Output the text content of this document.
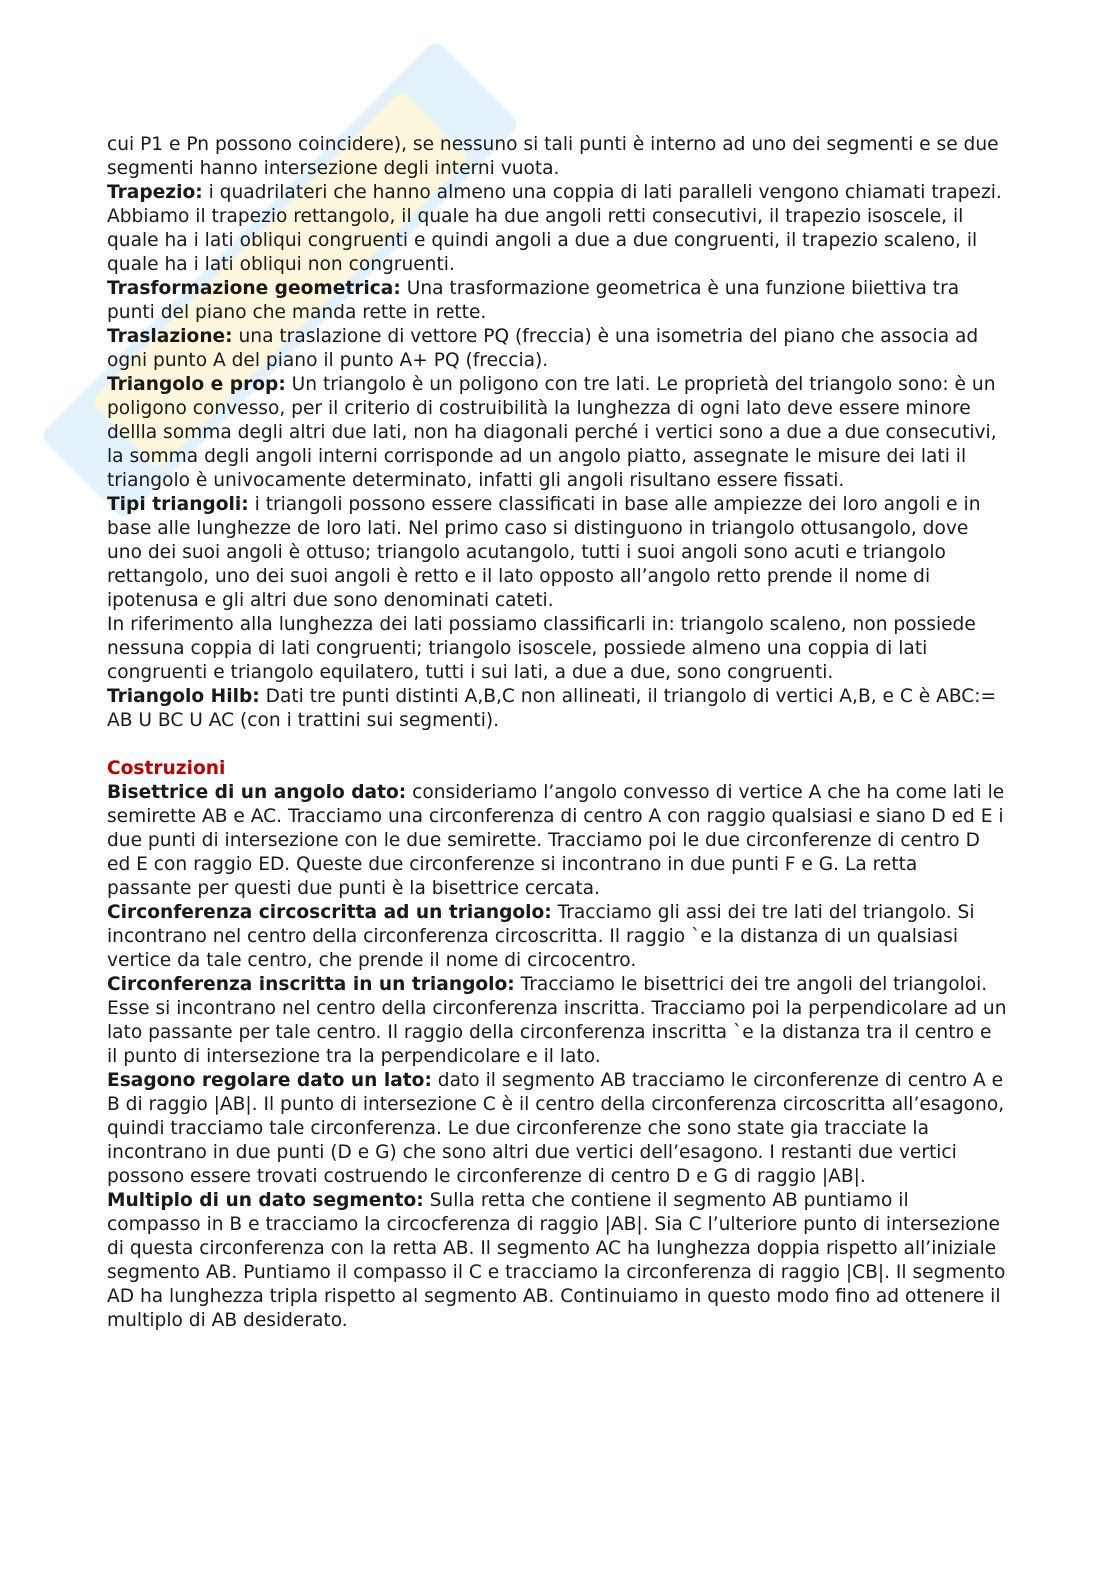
cui P1 e Pn possono coincidere), se nessuno si tali punti è interno ad uno dei segmenti e se due segmenti hanno intersezione degli interni vuota.

Trapezio: i quadrilateri che hanno almeno una coppia di lati paralleli vengono chiamati trapezi. Abbiamo il trapezio rettangolo, il quale ha due angoli retti consecutivi, il trapezio isoscele, il quale ha i lati obliqui congruenti e quindi angoli a due a due congruenti, il trapezio scaleno, il quale ha i lati obliqui non congruenti.

Trasformazione geometrica: Una trasformazione geometrica è una funzione biiettiva tra punti del piano che manda rette in rette.

Traslazione: una traslazione di vettore PQ (freccia) è una isometria del piano che associa ad ogni punto A del piano il punto A+ PQ (freccia).

Triangolo e prop: Un triangolo è un poligono con tre lati. Le proprietà del triangolo sono: è un poligono convesso, per il criterio di costruibilità la lunghezza di ogni lato deve essere minore dellla somma degli altri due lati, non ha diagonali perché i vertici sono a due a due consecutivi, la somma degli angoli interni corrisponde ad un angolo piatto, assegnate le misure dei lati il triangolo è univocamente determinato, infatti gli angoli risultano essere fissati.

Tipi triangoli: i triangoli possono essere classificati in base alle ampiezze dei loro angoli e in base alle lunghezze de loro lati. Nel primo caso si distinguono in triangolo ottusangolo, dove uno dei suoi angoli è ottuso; triangolo acutangolo, tutti i suoi angoli sono acuti e triangolo rettangolo, uno dei suoi angoli è retto e il lato opposto all’angolo retto prende il nome di ipotenusa e gli altri due sono denominati cateti.

In riferimento alla lunghezza dei lati possiamo classificarli in: triangolo scaleno, non possiede nessuna coppia di lati congruenti; triangolo isoscele, possiede almeno una coppia di lati congruenti e triangolo equilatero, tutti i sui lati, a due a due, sono congruenti.

Triangolo Hilb: Dati tre punti distinti A,B,C non allineati, il triangolo di vertici A,B, e C è ABC:= AB U BC U AC (con i trattini sui segmenti).

Costruzioni

Bisettrice di un angolo dato: consideriamo l’angolo convesso di vertice A che ha come lati le semirette AB e AC. Tracciamo una circonferenza di centro A con raggio qualsiasi e siano D ed E i due punti di intersezione con le due semirette. Tracciamo poi le due circonferenze di centro D ed E con raggio ED. Queste due circonferenze si incontrano in due punti F e G. La retta passante per questi due punti è la bisettrice cercata.

Circonferenza circoscritta ad un triangolo: Tracciamo gli assi dei tre lati del triangolo. Si incontrano nel centro della circonferenza circoscritta. Il raggio `e la distanza di un qualsiasi vertice da tale centro, che prende il nome di circocentro.

Circonferenza inscritta in un triangolo: Tracciamo le bisettrici dei tre angoli del triangoloi. Esse si incontrano nel centro della circonferenza inscritta. Tracciamo poi la perpendicolare ad un lato passante per tale centro. Il raggio della circonferenza inscritta `e la distanza tra il centro e il punto di intersezione tra la perpendicolare e il lato.

Esagono regolare dato un lato: dato il segmento AB tracciamo le circonferenze di centro A e B di raggio |AB|. Il punto di intersezione C è il centro della circonferenza circoscritta all’esagono, quindi tracciamo tale circonferenza. Le due circonferenze che sono state gia tracciate la incontrano in due punti (D e G) che sono altri due vertici dell’esagono. I restanti due vertici possono essere trovati costruendo le circonferenze di centro D e G di raggio |AB|.

Multiplo di un dato segmento: Sulla retta che contiene il segmento AB puntiamo il compasso in B e tracciamo la circocferenza di raggio |AB|. Sia C l’ulteriore punto di intersezione di questa circonferenza con la retta AB. Il segmento AC ha lunghezza doppia rispetto all’iniziale segmento AB. Puntiamo il compasso il C e tracciamo la circonferenza di raggio |CB|. Il segmento AD ha lunghezza tripla rispetto al segmento AB. Continuiamo in questo modo fino ad ottenere il multiplo di AB desiderato.
